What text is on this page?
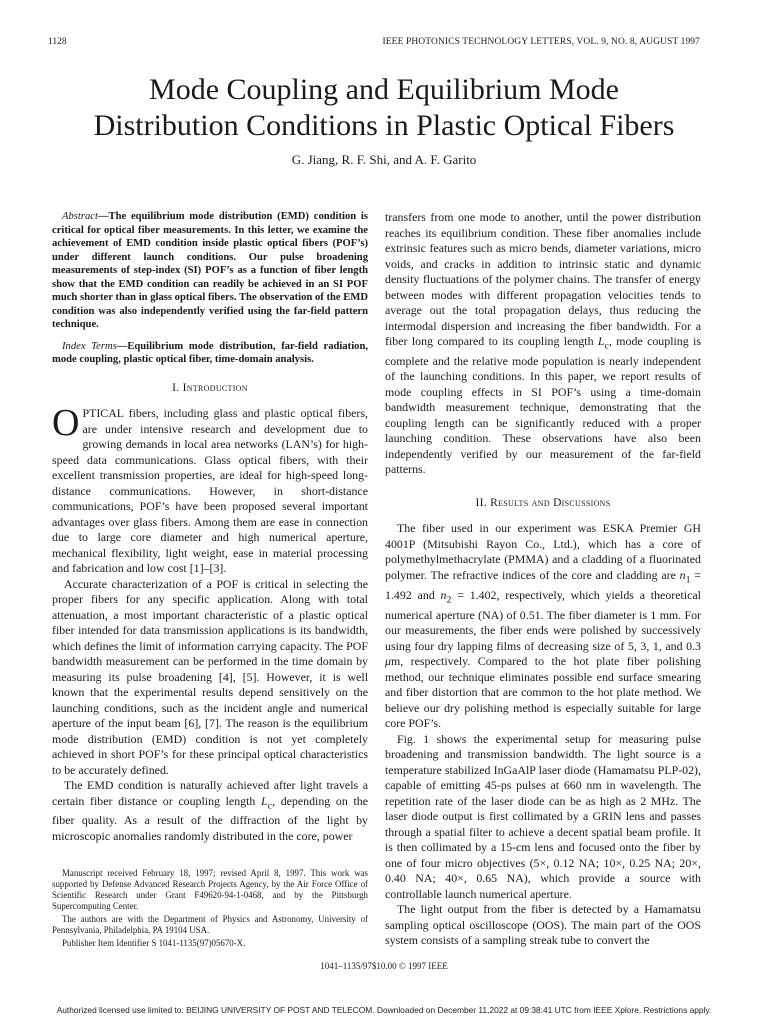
1128	IEEE PHOTONICS TECHNOLOGY LETTERS, VOL. 9, NO. 8, AUGUST 1997
Mode Coupling and Equilibrium Mode
Distribution Conditions in Plastic Optical Fibers
G. Jiang, R. F. Shi, and A. F. Garito

Abstract—The equilibrium mode distribution (EMD) condition is critical for optical fiber measurements. In this letter, we examine the achievement of EMD condition inside plastic optical fibers (POF’s) under different launch conditions. Our pulse broadening measurements of step-index (SI) POF’s as a function of fiber length show that the EMD condition can readily be achieved in an SI POF much shorter than in glass optical fibers. The observation of the EMD condition was also independently verified using the far-field pattern technique.

Index Terms—Equilibrium mode distribution, far-field radiation, mode coupling, plastic optical fiber, time-domain analysis.

I. Introduction

OPTICAL fibers, including glass and plastic optical fibers, are under intensive research and development due to growing demands in local area networks (LAN’s) for high-speed data communications. Glass optical fibers, with their excellent transmission properties, are ideal for high-speed long-distance communications. However, in short-distance communications, POF’s have been proposed several important advantages over glass fibers. Among them are ease in connection due to large core diameter and high numerical aperture, mechanical flexibility, light weight, ease in material processing and fabrication and low cost [1]–[3].

Accurate characterization of a POF is critical in selecting the proper fibers for any specific application. Along with total attenuation, a most important characteristic of a plastic optical fiber intended for data transmission applications is its bandwidth, which defines the limit of information carrying capacity. The POF bandwidth measurement can be performed in the time domain by measuring its pulse broadening [4], [5]. However, it is well known that the experimental results depend sensitively on the launching conditions, such as the incident angle and numerical aperture of the input beam [6], [7]. The reason is the equilibrium mode distribution (EMD) condition is not yet completely achieved in short POF’s for these principal optical characteristics to be accurately defined.

The EMD condition is naturally achieved after light travels a certain fiber distance or coupling length $L_c$, depending on the fiber quality. As a result of the diffraction of the light by microscopic anomalies randomly distributed in the core, power

transfers from one mode to another, until the power distribution reaches its equilibrium condition. These fiber anomalies include extrinsic features such as micro bends, diameter variations, micro voids, and cracks in addition to intrinsic static and dynamic density fluctuations of the polymer chains. The transfer of energy between modes with different propagation velocities tends to average out the total propagation delays, thus reducing the intermodal dispersion and increasing the fiber bandwidth. For a fiber long compared to its coupling length $L_c$, mode coupling is complete and the relative mode population is nearly independent of the launching conditions. In this paper, we report results of mode coupling effects in SI POF’s using a time-domain bandwidth measurement technique, demonstrating that the coupling length can be significantly reduced with a proper launching condition. These observations have also been independently verified by our measurement of the far-field patterns.

II. Results and Discussions

The fiber used in our experiment was ESKA Premier GH 4001P (Mitsubishi Rayon Co., Ltd.), which has a core of polymethylmethacrylate (PMMA) and a cladding of a fluorinated polymer. The refractive indices of the core and cladding are $n_1 = 1.492$ and $n_2 = 1.402$, respectively, which yields a theoretical numerical aperture (NA) of 0.51. The fiber diameter is 1 mm. For our measurements, the fiber ends were polished by successively using four dry lapping films of decreasing size of 5, 3, 1, and 0.3 μm, respectively. Compared to the hot plate fiber polishing method, our technique eliminates possible end surface smearing and fiber distortion that are common to the hot plate method. We believe our dry polishing method is especially suitable for large core POF’s.

Fig. 1 shows the experimental setup for measuring pulse broadening and transmission bandwidth. The light source is a temperature stabilized InGaAlP laser diode (Hamamatsu PLP-02), capable of emitting 45-ps pulses at 660 nm in wavelength. The repetition rate of the laser diode can be as high as 2 MHz. The laser diode output is first collimated by a GRIN lens and passes through a spatial filter to achieve a decent spatial beam profile. It is then collimated by a 15-cm lens and focused onto the fiber by one of four micro objectives (5×, 0.12 NA; 10×, 0.25 NA; 20×, 0.40 NA; 40×, 0.65 NA), which provide a source with controllable launch numerical aperture.

The light output from the fiber is detected by a Hamamatsu sampling optical oscilloscope (OOS). The main part of the OOS system consists of a sampling streak tube to convert the

Manuscript received February 18, 1997; revised April 8, 1997. This work was supported by Defense Advanced Research Projects Agency, by the Air Force Office of Scientific Research under Grant F49620-94-1-0468, and by the Pittsburgh Supercomputing Center.

The authors are with the Department of Physics and Astronomy, University of Pennsylvania, Philadelphia, PA 19104 USA.

Publisher Item Identifier S 1041-1135(97)05670-X.

1041–1135/97$10.00 © 1997 IEEE
Authorized licensed use limited to: BEIJING UNIVERSITY OF POST AND TELECOM. Downloaded on December 11,2022 at 09:38:41 UTC from IEEE Xplore. Restrictions apply.
